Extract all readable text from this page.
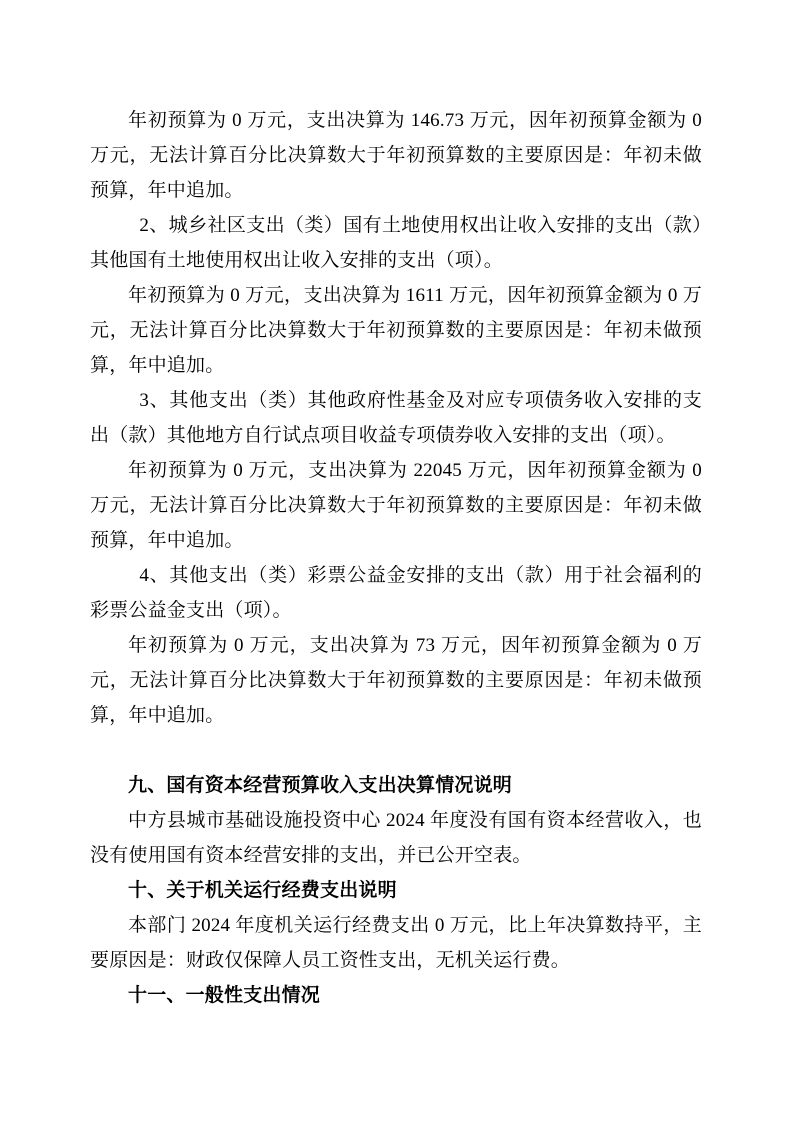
年初预算为 0 万元，支出决算为 146.73 万元，因年初预算金额为 0 万元，无法计算百分比决算数大于年初预算数的主要原因是：年初未做预算，年中追加。

2、城乡社区支出（类）国有土地使用权出让收入安排的支出（款）其他国有土地使用权出让收入安排的支出（项）。

年初预算为 0 万元，支出决算为 1611 万元，因年初预算金额为 0 万元，无法计算百分比决算数大于年初预算数的主要原因是：年初未做预算，年中追加。

3、其他支出（类）其他政府性基金及对应专项债务收入安排的支出（款）其他地方自行试点项目收益专项债券收入安排的支出（项）。

年初预算为 0 万元，支出决算为 22045 万元，因年初预算金额为 0 万元，无法计算百分比决算数大于年初预算数的主要原因是：年初未做预算，年中追加。

4、其他支出（类）彩票公益金安排的支出（款）用于社会福利的彩票公益金支出（项）。

年初预算为 0 万元，支出决算为 73 万元，因年初预算金额为 0 万元，无法计算百分比决算数大于年初预算数的主要原因是：年初未做预算，年中追加。

九、国有资本经营预算收入支出决算情况说明

中方县城市基础设施投资中心 2024 年度没有国有资本经营收入，也没有使用国有资本经营安排的支出，并已公开空表。

十、关于机关运行经费支出说明

本部门 2024 年度机关运行经费支出 0 万元，比上年决算数持平，主要原因是：财政仅保障人员工资性支出，无机关运行费。

十一、一般性支出情况
